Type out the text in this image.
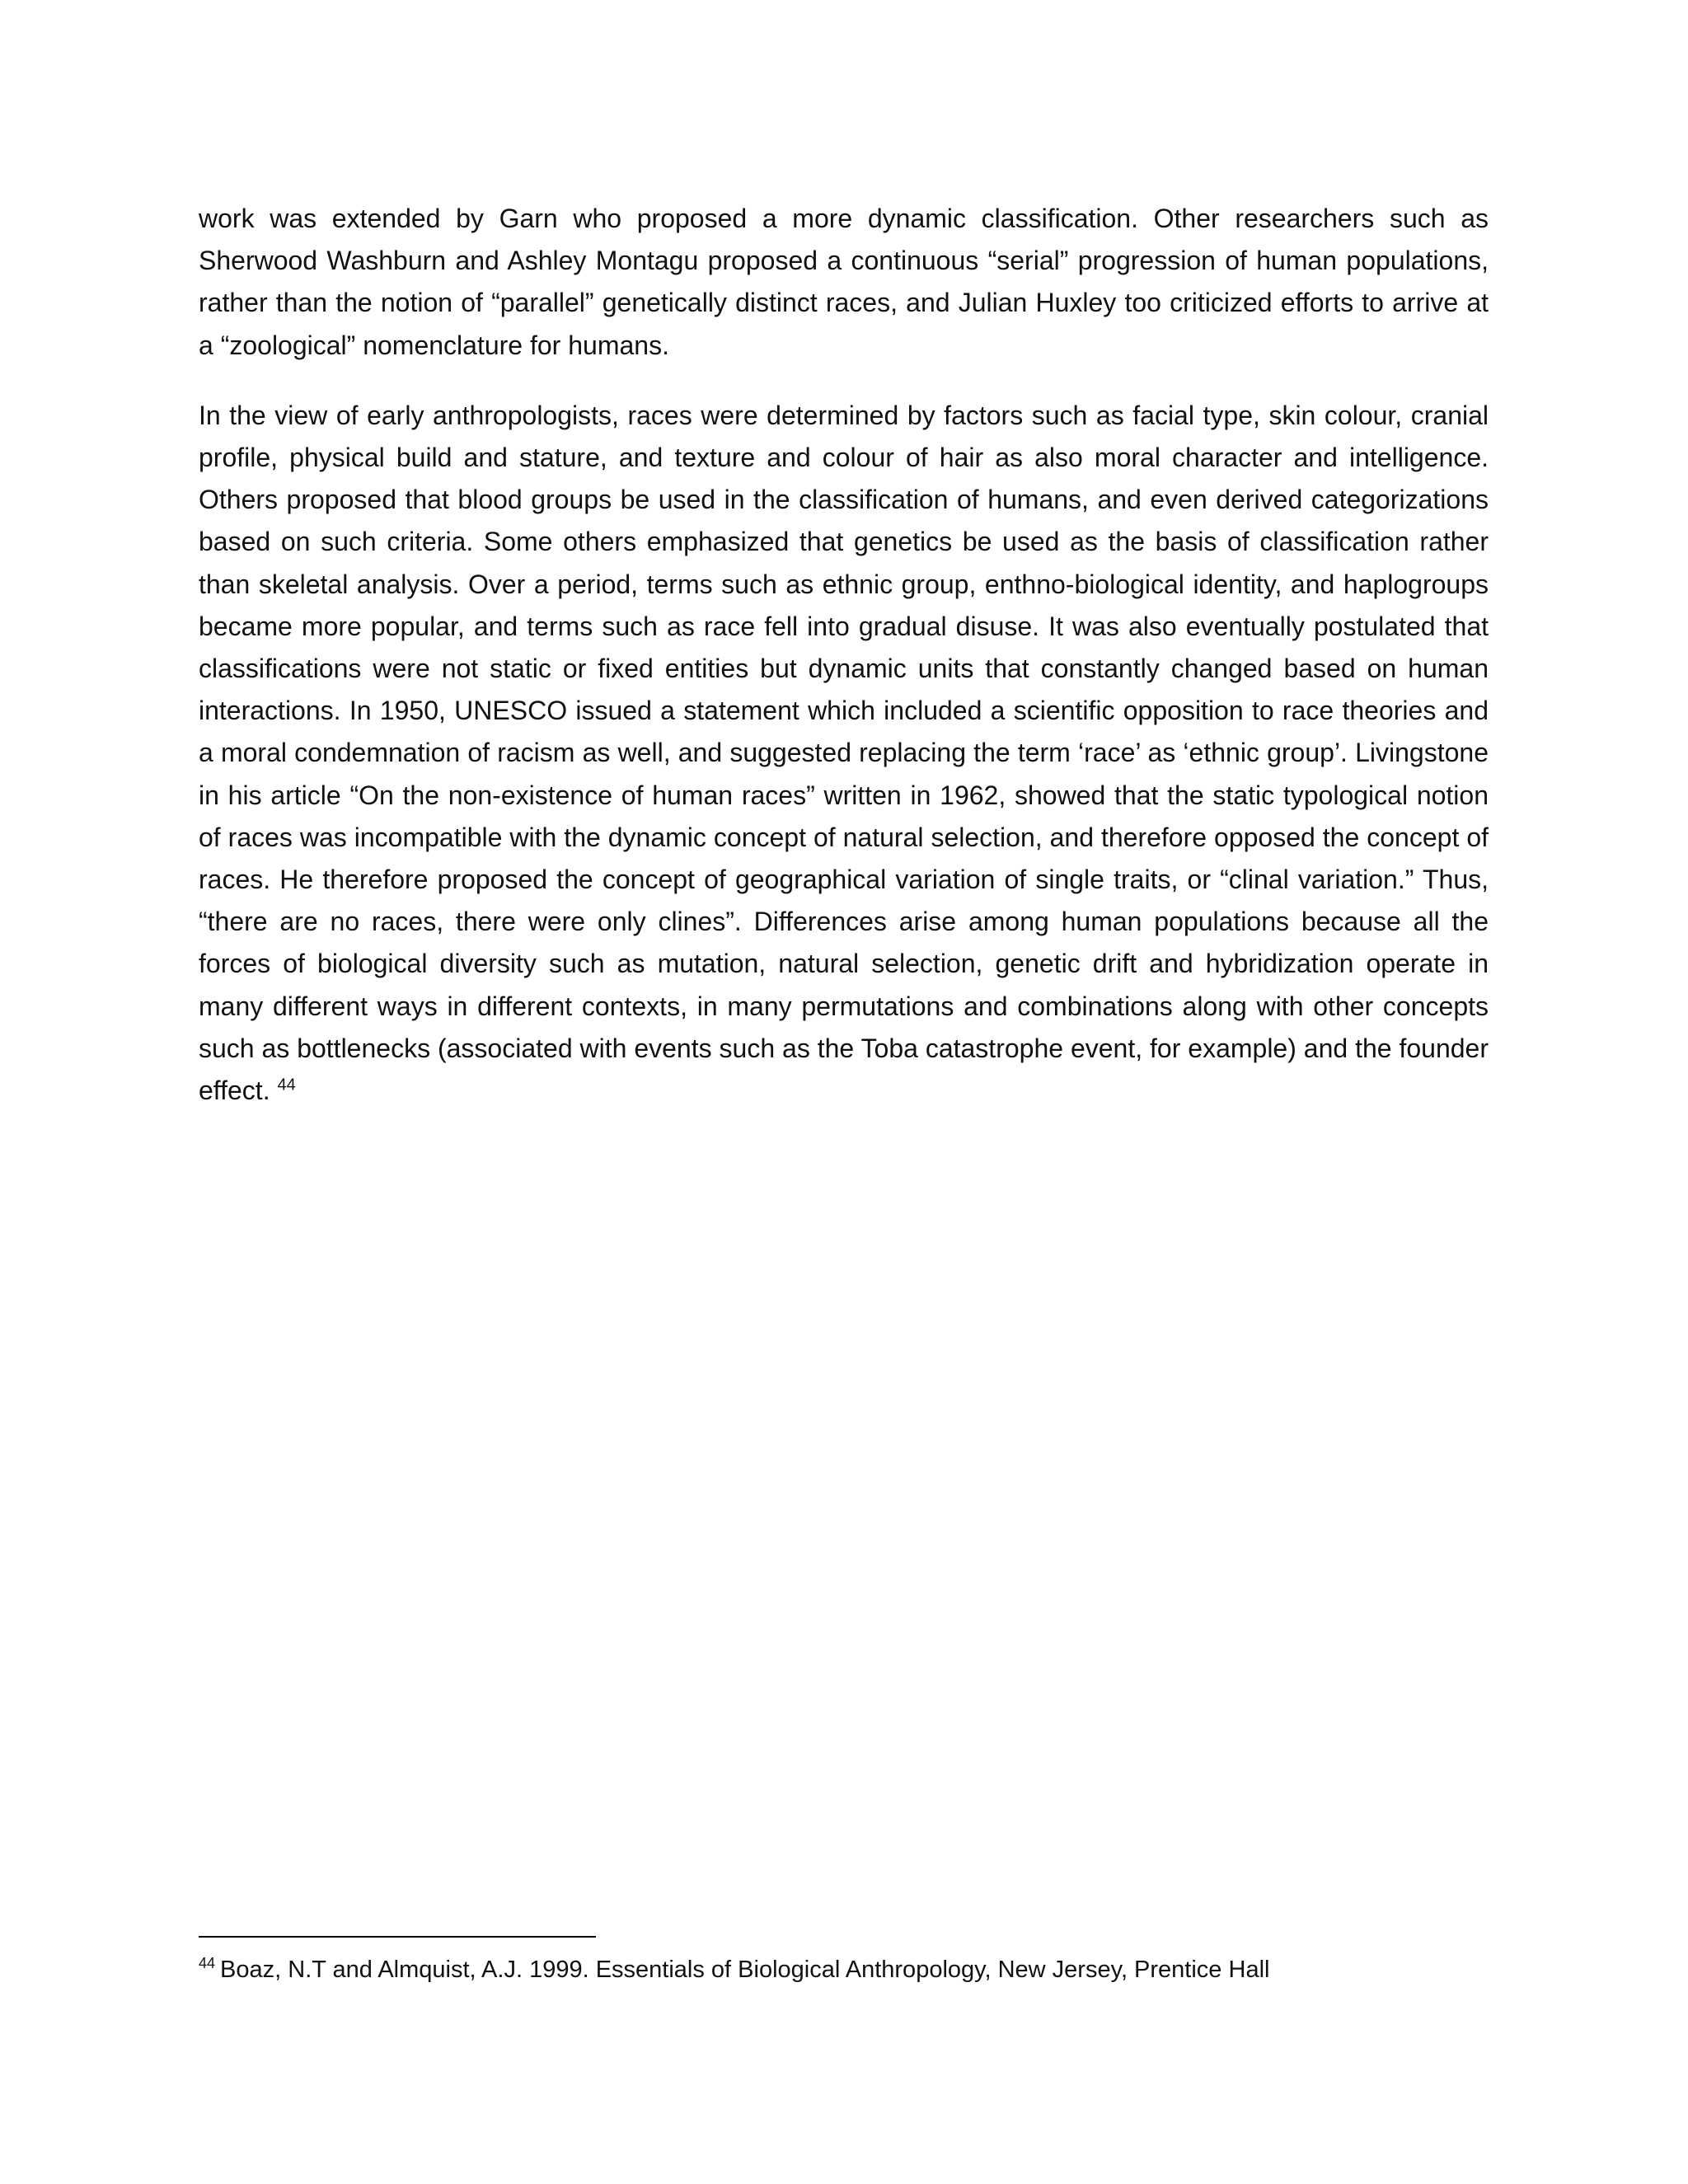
work was extended by Garn who proposed a more dynamic classification. Other researchers such as Sherwood Washburn and Ashley Montagu proposed a continuous “serial” progression of human populations, rather than the notion of “parallel” genetically distinct races, and Julian Huxley too criticized efforts to arrive at a “zoological” nomenclature for humans.

In the view of early anthropologists, races were determined by factors such as facial type, skin colour, cranial profile, physical build and stature, and texture and colour of hair as also moral character and intelligence. Others proposed that blood groups be used in the classification of humans, and even derived categorizations based on such criteria. Some others emphasized that genetics be used as the basis of classification rather than skeletal analysis. Over a period, terms such as ethnic group, enthno-biological identity, and haplogroups became more popular, and terms such as race fell into gradual disuse. It was also eventually postulated that classifications were not static or fixed entities but dynamic units that constantly changed based on human interactions. In 1950, UNESCO issued a statement which included a scientific opposition to race theories and a moral condemnation of racism as well, and suggested replacing the term ‘race’ as ‘ethnic group’. Livingstone in his article “On the non-existence of human races” written in 1962, showed that the static typological notion of races was incompatible with the dynamic concept of natural selection, and therefore opposed the concept of races. He therefore proposed the concept of geographical variation of single traits, or “clinal variation.” Thus, “there are no races, there were only clines”. Differences arise among human populations because all the forces of biological diversity such as mutation, natural selection, genetic drift and hybridization operate in many different ways in different contexts, in many permutations and combinations along with other concepts such as bottlenecks (associated with events such as the Toba catastrophe event, for example) and the founder effect. $^{44}$

$^{44}$ Boaz, N.T and Almquist, A.J. 1999. Essentials of Biological Anthropology, New Jersey, Prentice Hall
